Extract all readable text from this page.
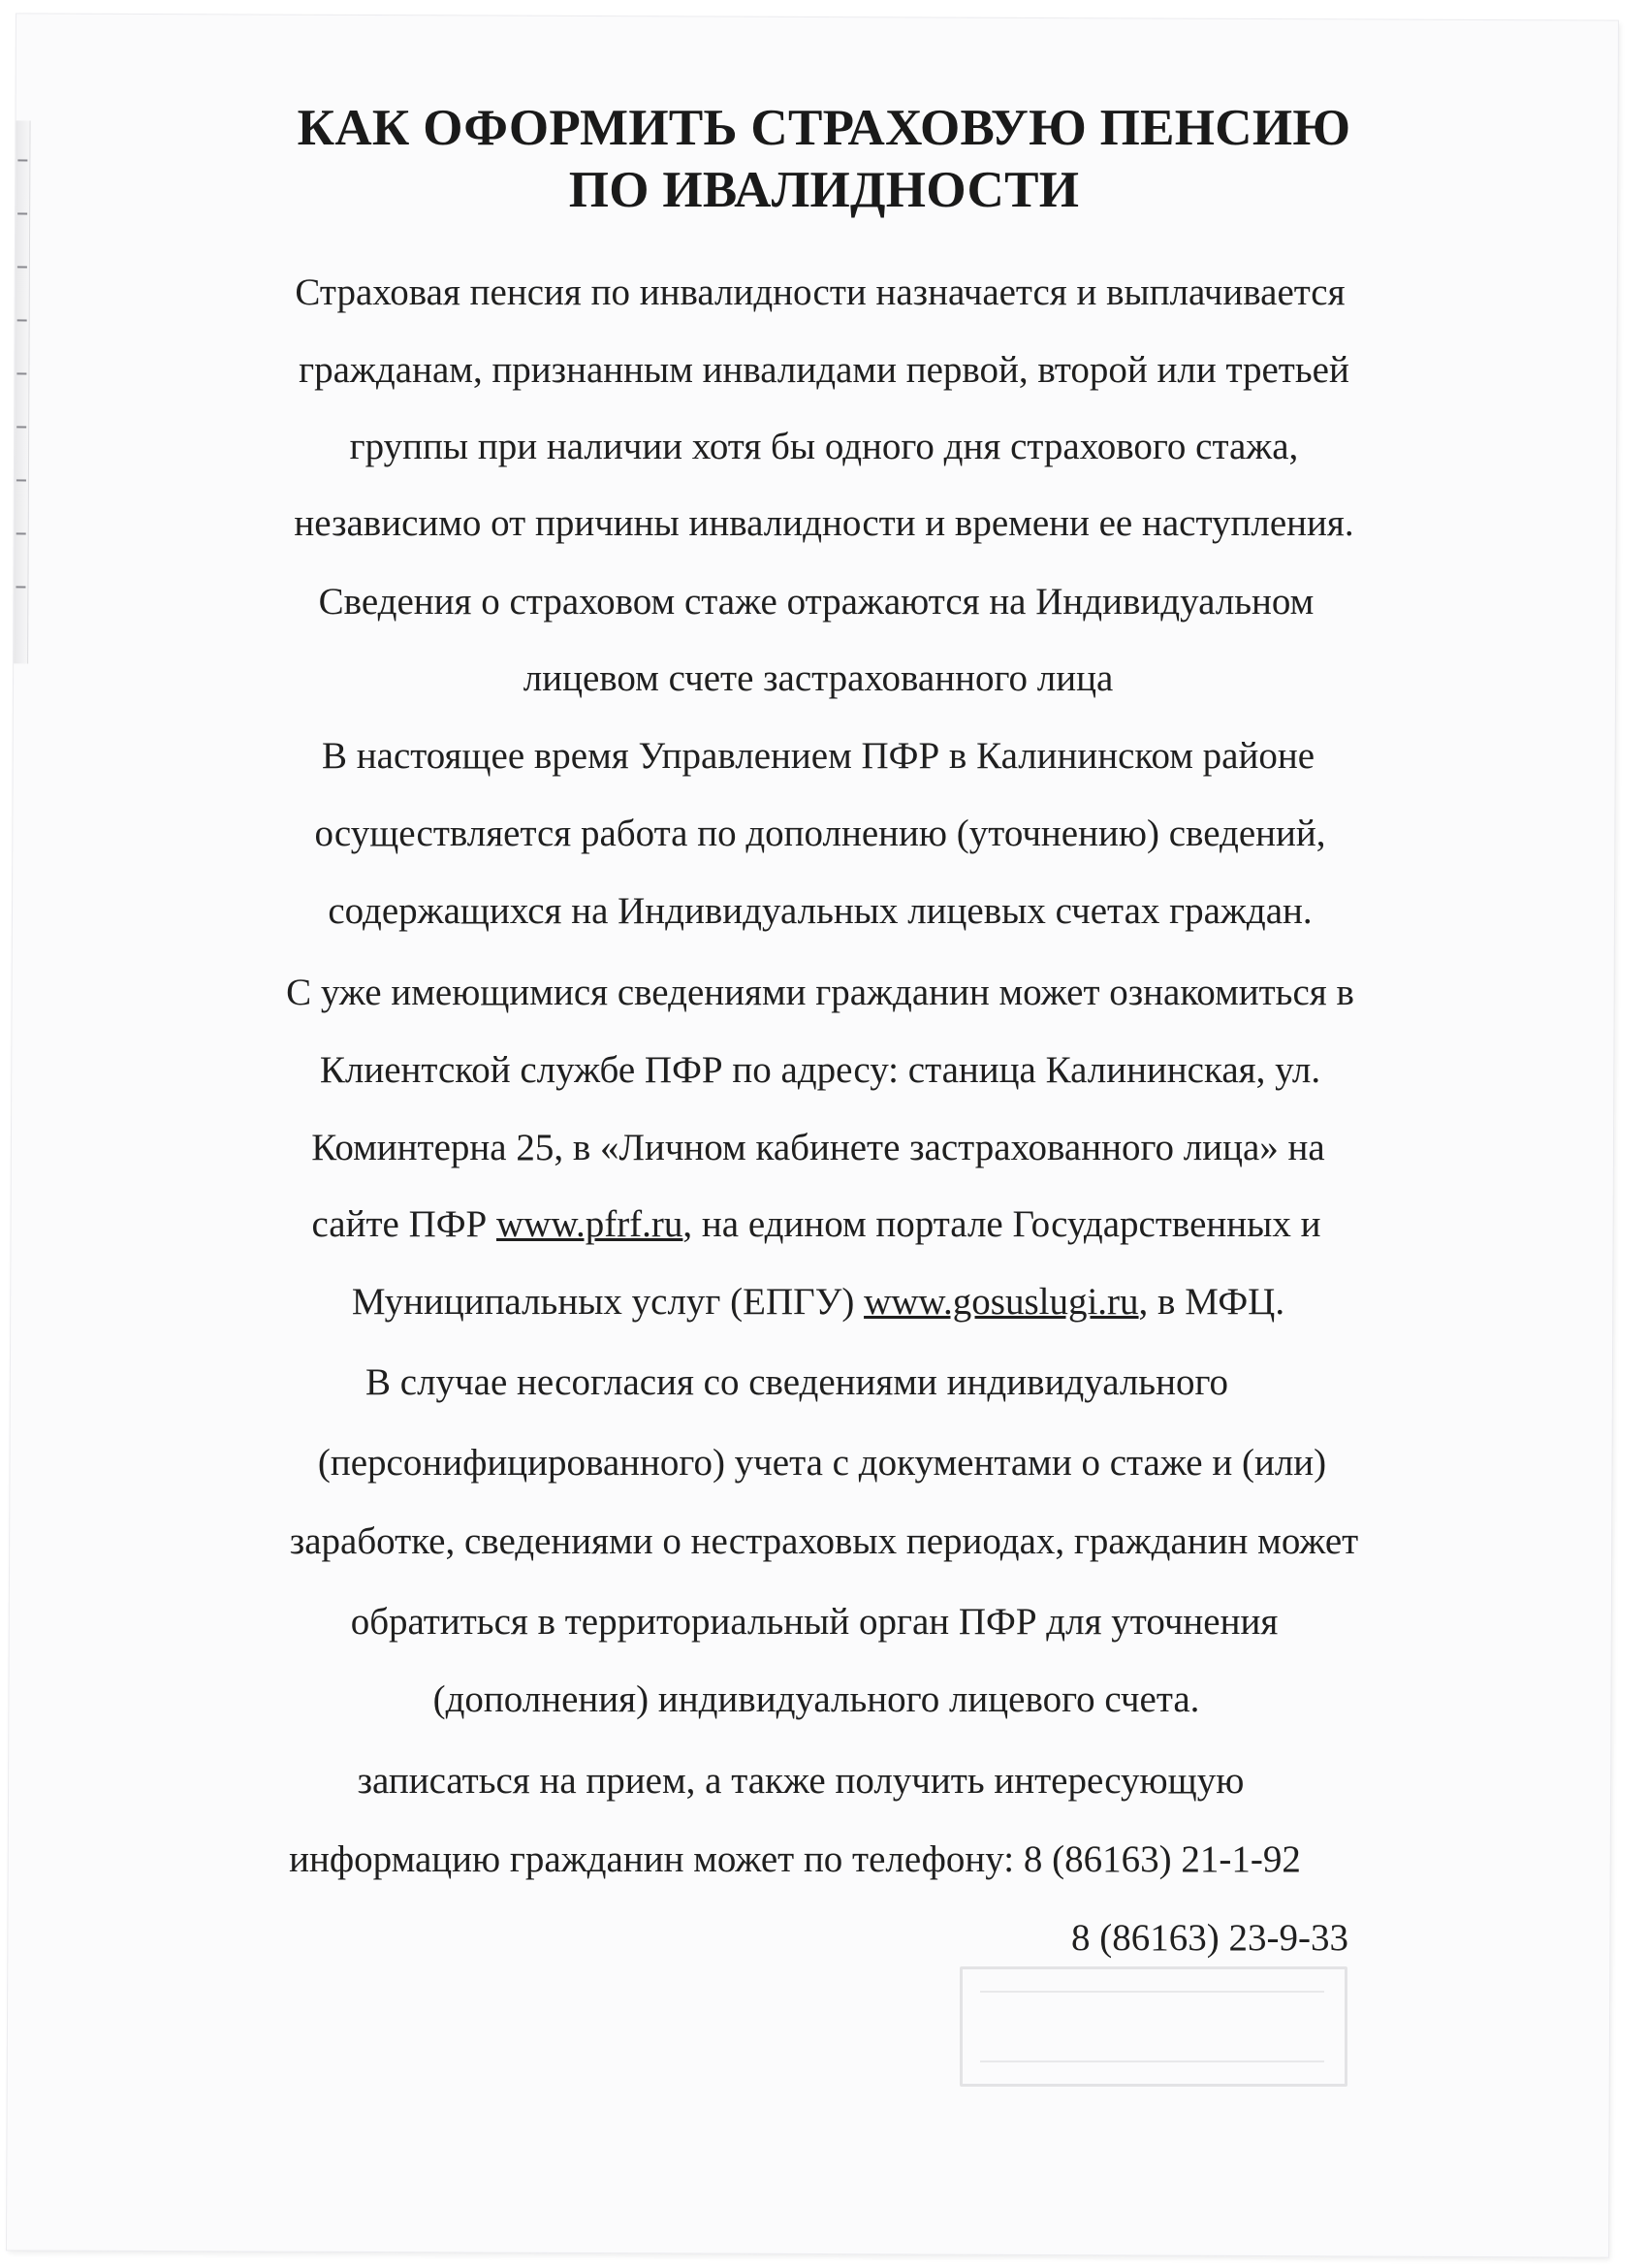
КАК ОФОРМИТЬ СТРАХОВУЮ ПЕНСИЮ
ПО ИВАЛИДНОСТИ
Страховая пенсия по инвалидности назначается и выплачивается
гражданам, признанным инвалидами первой, второй или третьей
группы при наличии хотя бы одного дня страхового стажа,
независимо от причины инвалидности и времени ее наступления.
Сведения о страховом стаже отражаются на Индивидуальном
лицевом счете застрахованного лица
В настоящее время Управлением ПФР в Калининском районе
осуществляется работа по дополнению (уточнению) сведений,
содержащихся на Индивидуальных лицевых счетах граждан.
С уже имеющимися сведениями гражданин может ознакомиться в
Клиентской службе ПФР по адресу: станица Калининская, ул.
Коминтерна 25, в «Личном кабинете застрахованного лица» на
сайте ПФР www.pfrf.ru, на едином портале Государственных и
Муниципальных услуг (ЕПГУ) www.gosuslugi.ru, в МФЦ.
В случае несогласия со сведениями индивидуального
(персонифицированного) учета с документами о стаже и (или)
заработке, сведениями о нестраховых периодах, гражданин может
обратиться в территориальный орган ПФР для уточнения
(дополнения) индивидуального лицевого счета.
записаться на прием, а также получить интересующую
информацию гражданин может по телефону: 8 (86163) 21-1-92
8 (86163) 23-9-33
